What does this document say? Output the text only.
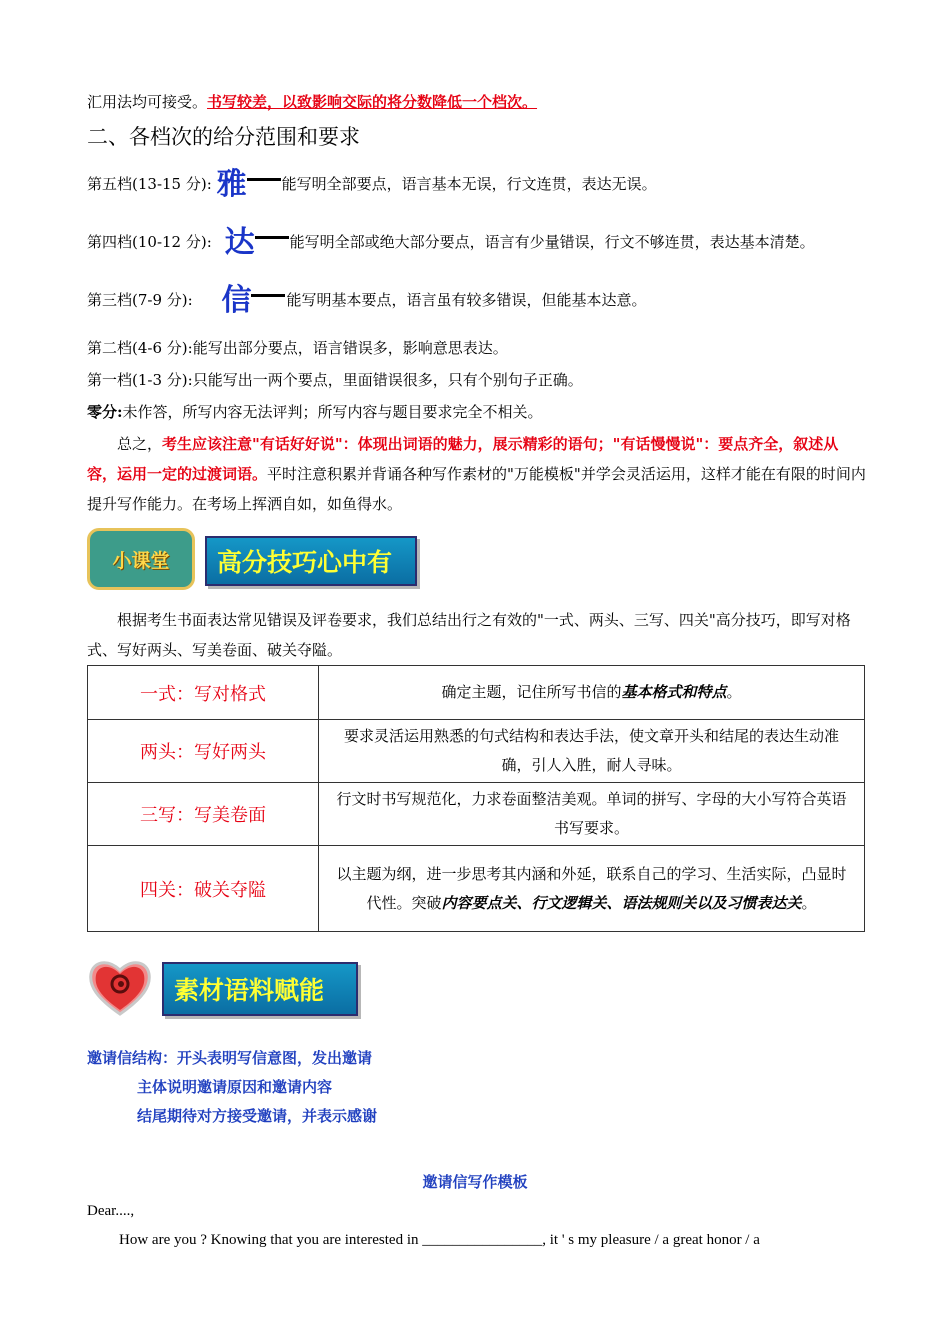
汇用法均可接受。书写较差，以致影响交际的将分数降低一个档次。
二、各档次的给分范围和要求
第五档(13-15 分): 雅 能写明全部要点，语言基本无误，行文连贯，表达无误。
第四档(10-12 分): 达 能写明全部或绝大部分要点，语言有少量错误，行文不够连贯，表达基本清楚。
第三档(7-9 分): 信 能写明基本要点，语言虽有较多错误，但能基本达意。
第二档(4-6 分):能写出部分要点，语言错误多，影响意思表达。
第一档(1-3 分):只能写出一两个要点，里面错误很多，只有个别句子正确。
零分:未作答，所写内容无法评判；所写内容与题目要求完全不相关。
总之，考生应该注意"有话好好说"：体现出词语的魅力，展示精彩的语句；"有话慢慢说"：要点齐全，叙述从容，运用一定的过渡词语。平时注意积累并背诵各种写作素材的"万能模板"并学会灵活运用，这样才能在有限的时间内提升写作能力。在考场上挥洒自如，如鱼得水。
小课堂	高分技巧心中有
根据考生书面表达常见错误及评卷要求，我们总结出行之有效的"一式、两头、三写、四关"高分技巧，即写对格式、写好两头、写美卷面、破关夺隘。
一式：写对格式	确定主题，记住所写书信的基本格式和特点。
两头：写好两头	要求灵活运用熟悉的句式结构和表达手法，使文章开头和结尾的表达生动准确，引人入胜，耐人寻味。
三写：写美卷面	行文时书写规范化，力求卷面整洁美观。单词的拼写、字母的大小写符合英语书写要求。
四关：破关夺隘	以主题为纲，进一步思考其内涵和外延，联系自己的学习、生活实际，凸显时代性。突破内容要点关、行文逻辑关、语法规则关以及习惯表达关。
素材语料赋能
邀请信结构：开头表明写信意图，发出邀请
主体说明邀请原因和邀请内容
结尾期待对方接受邀请，并表示感谢
邀请信写作模板
Dear....,
How are you ? Knowing that you are interested in ________________, it ' s my pleasure / a great honor / a
